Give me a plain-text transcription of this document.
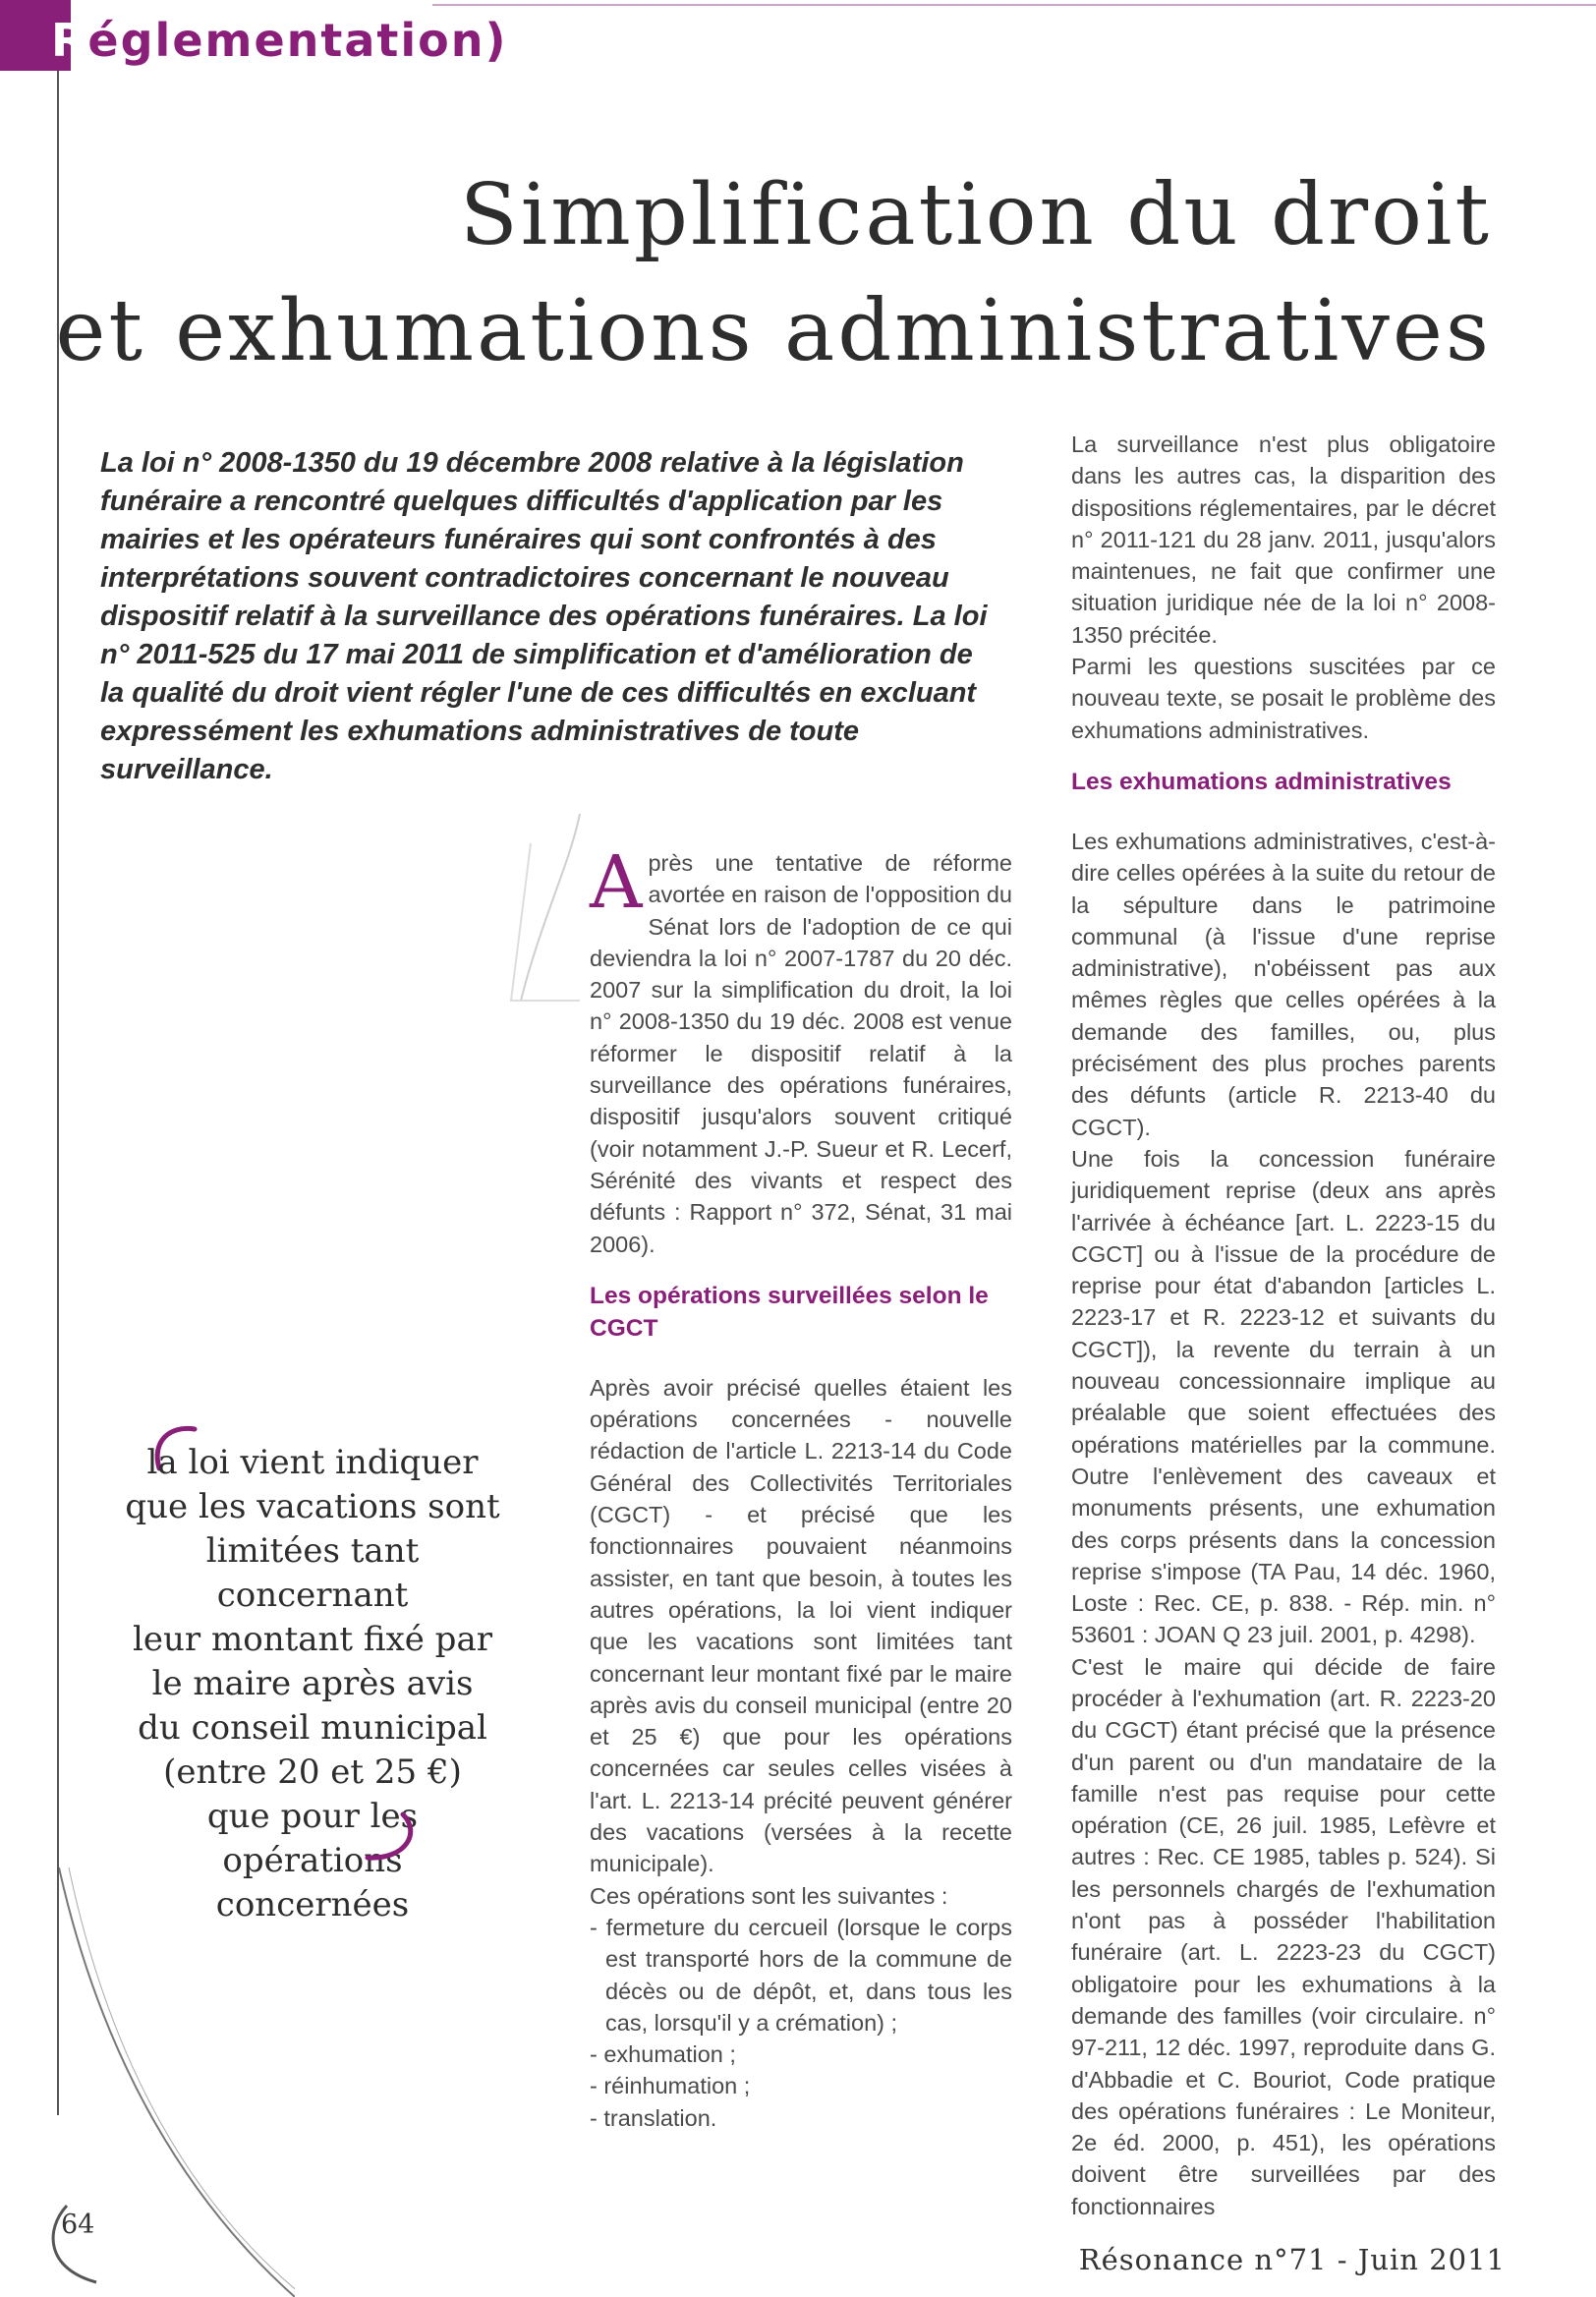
Réglementation)
Simplification du droit
et exhumations administratives
La loi n° 2008-1350 du 19 décembre 2008 relative à la législation funéraire a rencontré quelques difficultés d'application par les mairies et les opérateurs funéraires qui sont confrontés à des interprétations souvent contradictoires concernant le nouveau dispositif relatif à la surveillance des opérations funéraires. La loi n° 2011-525 du 17 mai 2011 de simplification et d'amélioration de la qualité du droit vient régler l'une de ces difficultés en excluant expressément les exhumations administratives de toute surveillance.

Après une tentative de réforme avortée en raison de l'opposition du Sénat lors de l'adoption de ce qui deviendra la loi n° 2007-1787 du 20 déc. 2007 sur la simplification du droit, la loi n° 2008-1350 du 19 déc. 2008 est venue réformer le dispositif relatif à la surveillance des opérations funéraires, dispositif jusqu'alors souvent critiqué (voir notamment J.-P. Sueur et R. Lecerf, Sérénité des vivants et respect des défunts : Rapport n° 372, Sénat, 31 mai 2006).

Les opérations surveillées selon le CGCT

Après avoir précisé quelles étaient les opérations concernées - nouvelle rédaction de l'article L. 2213-14 du Code Général des Collectivités Territoriales (CGCT) - et précisé que les fonctionnaires pouvaient néanmoins assister, en tant que besoin, à toutes les autres opérations, la loi vient indiquer que les vacations sont limitées tant concernant leur montant fixé par le maire après avis du conseil municipal (entre 20 et 25 €) que pour les opérations concernées car seules celles visées à l'art. L. 2213-14 précité peuvent générer des vacations (versées à la recette municipale).

Ces opérations sont les suivantes :

- fermeture du cercueil (lorsque le corps est transporté hors de la commune de décès ou de dépôt, et, dans tous les cas, lorsqu'il y a crémation) ;
- exhumation ;
- réinhumation ;
- translation.

La surveillance n'est plus obligatoire dans les autres cas, la disparition des dispositions réglementaires, par le décret n° 2011-121 du 28 janv. 2011, jusqu'alors maintenues, ne fait que confirmer une situation juridique née de la loi n° 2008-1350 précitée.

Parmi les questions suscitées par ce nouveau texte, se posait le problème des exhumations administratives.

Les exhumations administratives

Les exhumations administratives, c'est-à-dire celles opérées à la suite du retour de la sépulture dans le patrimoine communal (à l'issue d'une reprise administrative), n'obéissent pas aux mêmes règles que celles opérées à la demande des familles, ou, plus précisément des plus proches parents des défunts (article R. 2213-40 du CGCT).

Une fois la concession funéraire juridiquement reprise (deux ans après l'arrivée à échéance [art. L. 2223-15 du CGCT] ou à l'issue de la procédure de reprise pour état d'abandon [articles L. 2223-17 et R. 2223-12 et suivants du CGCT]), la revente du terrain à un nouveau concessionnaire implique au préalable que soient effectuées des opérations matérielles par la commune. Outre l'enlèvement des caveaux et monuments présents, une exhumation des corps présents dans la concession reprise s'impose (TA Pau, 14 déc. 1960, Loste : Rec. CE, p. 838. - Rép. min. n° 53601 : JOAN Q 23 juil. 2001, p. 4298).

C'est le maire qui décide de faire procéder à l'exhumation (art. R. 2223-20 du CGCT) étant précisé que la présence d'un parent ou d'un mandataire de la famille n'est pas requise pour cette opération (CE, 26 juil. 1985, Lefèvre et autres : Rec. CE 1985, tables p. 524). Si les personnels chargés de l'exhumation n'ont pas à posséder l'habilitation funéraire (art. L. 2223-23 du CGCT) obligatoire pour les exhumations à la demande des familles (voir circulaire. n° 97-211, 12 déc. 1997, reproduite dans G. d'Abbadie et C. Bouriot, Code pratique des opérations funéraires : Le Moniteur, 2e éd. 2000, p. 451), les opérations doivent être surveillées par des fonctionnaires

la loi vient indiquer
que les vacations sont
limitées tant concernant
leur montant fixé par
le maire après avis
du conseil municipal
(entre 20 et 25 €)
que pour les opérations
concernées
64
Résonance n°71 - Juin 2011
